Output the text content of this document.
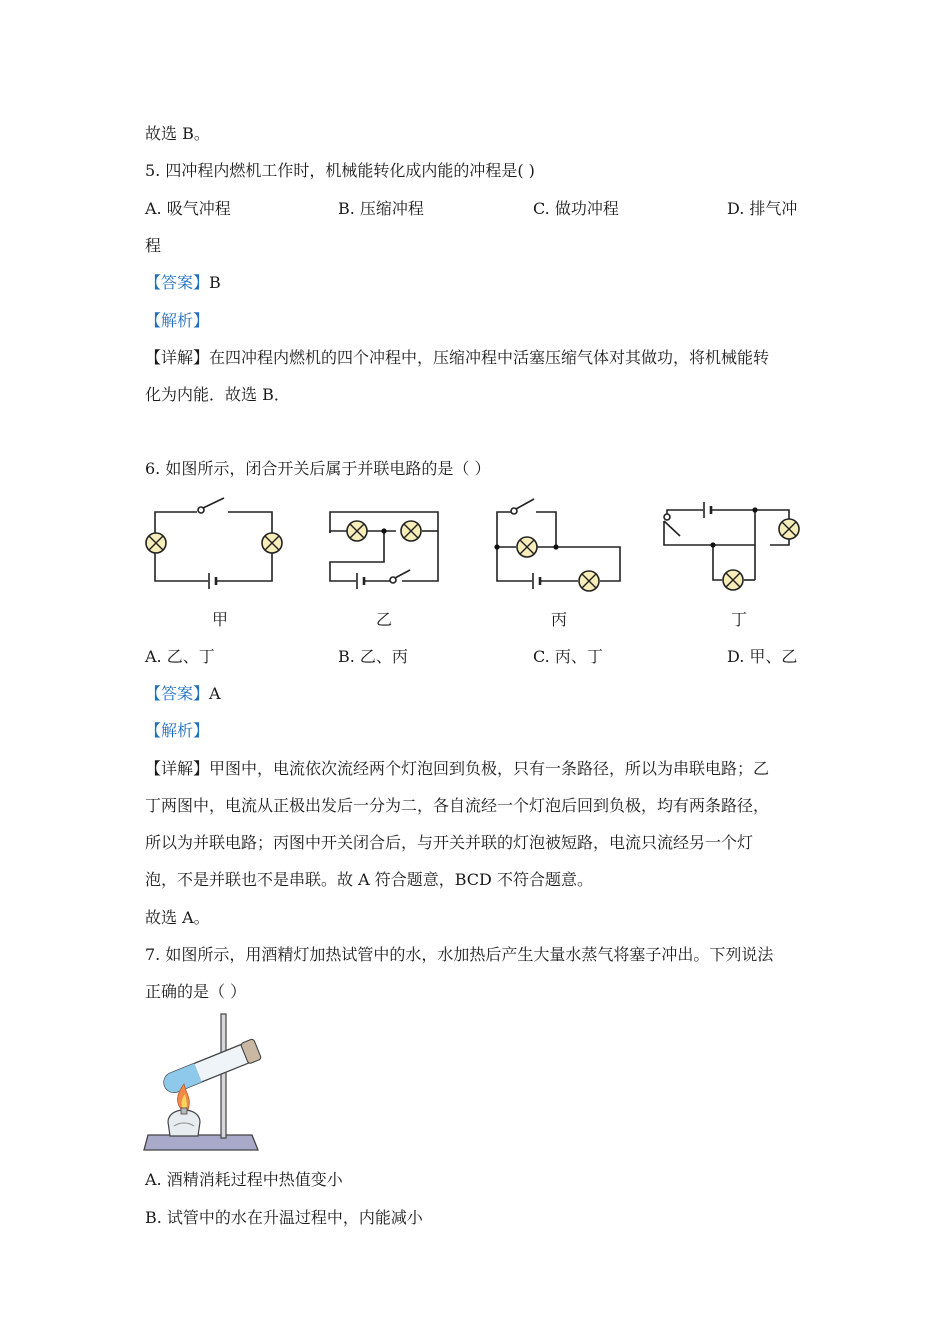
故选 B。
5. 四冲程内燃机工作时，机械能转化成内能的冲程是( )
A. 吸气冲程	B. 压缩冲程	C. 做功冲程	D. 排气冲
程
【答案】B
【解析】
【详解】在四冲程内燃机的四个冲程中，压缩冲程中活塞压缩气体对其做功，将机械能转
化为内能．故选 B．
6. 如图所示，闭合开关后属于并联电路的是（ ）
甲	乙	丙	丁
A. 乙、丁	B. 乙、丙	C. 丙、丁	D. 甲、乙
【答案】A
【解析】
【详解】甲图中，电流依次流经两个灯泡回到负极，只有一条路径，所以为串联电路；乙
丁两图中，电流从正极出发后一分为二，各自流经一个灯泡后回到负极，均有两条路径，
所以为并联电路；丙图中开关闭合后，与开关并联的灯泡被短路，电流只流经另一个灯
泡，不是并联也不是串联。故 A 符合题意，BCD 不符合题意。
故选 A。
7. 如图所示，用酒精灯加热试管中的水，水加热后产生大量水蒸气将塞子冲出。下列说法
正确的是（ ）
A. 酒精消耗过程中热值变小
B. 试管中的水在升温过程中，内能减小
